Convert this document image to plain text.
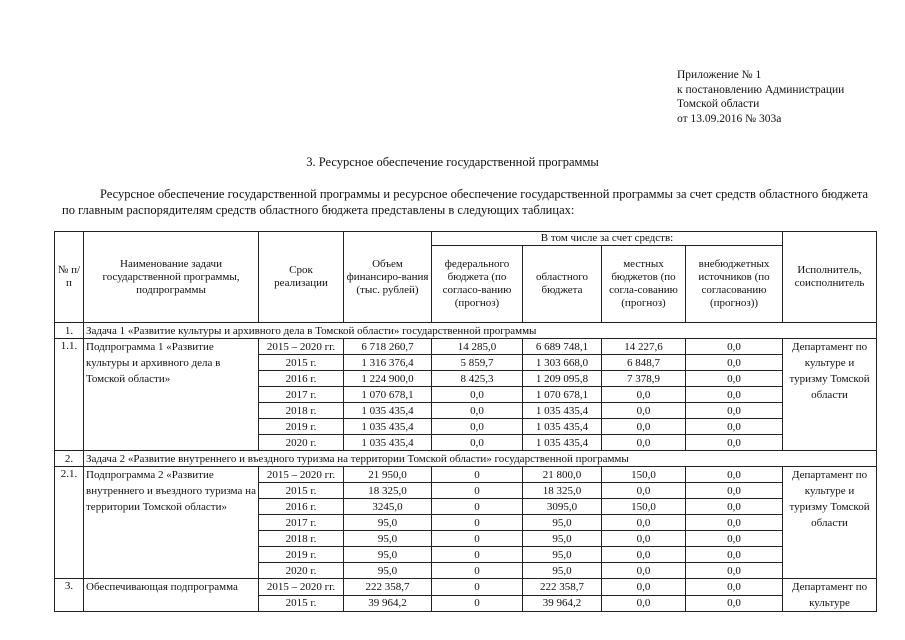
Приложение № 1
к постановлению Администрации
Томской области
от 13.09.2016 № 303а
3. Ресурсное обеспечение государственной программы

Ресурсное обеспечение государственной программы и ресурсное обеспечение государственной программы за счет средств областного бюджета по главным распорядителям средств областного бюджета представлены в следующих таблицах:

№ п/п	Наименование задачи государственной программы, подпрограммы	Срок реализации	Объем финансиро-вания (тыс. рублей)	В том числе за счет средств:				Исполнитель, соисполнитель
				федерального бюджета (по согласо-ванию (прогноз)	областного бюджета	местных бюджетов (по согла-сованию (прогноз)	внебюджетных источников (по согласованию (прогноз))	
1.	Задача 1 «Развитие культуры и архивного дела в Томской области» государственной программы							
1.1.	Подпрограмма 1 «Развитие культуры и архивного дела в Томской области»	2015 – 2020 гг.	6 718 260,7	14 285,0	6 689 748,1	14 227,6	0,0	Департамент по культуре и туризму Томской области
		2015 г.	1 316 376,4	5 859,7	1 303 668,0	6 848,7	0,0	
		2016 г.	1 224 900,0	8 425,3	1 209 095,8	7 378,9	0,0	
		2017 г.	1 070 678,1	0,0	1 070 678,1	0,0	0,0	
		2018 г.	1 035 435,4	0,0	1 035 435,4	0,0	0,0	
		2019 г.	1 035 435,4	0,0	1 035 435,4	0,0	0,0	
		2020 г.	1 035 435,4	0,0	1 035 435,4	0,0	0,0	
2.	Задача 2 «Развитие внутреннего и въездного туризма на территории Томской области» государственной программы							
2.1.	Подпрограмма 2 «Развитие внутреннего и въездного туризма на территории Томской области»	2015 – 2020 гг.	21 950,0	0	21 800,0	150,0	0,0	Департамент по культуре и туризму Томской области
		2015 г.	18 325,0	0	18 325,0	0,0	0,0	
		2016 г.	3245,0	0	3095,0	150,0	0,0	
		2017 г.	95,0	0	95,0	0,0	0,0	
		2018 г.	95,0	0	95,0	0,0	0,0	
		2019 г.	95,0	0	95,0	0,0	0,0	
		2020 г.	95,0	0	95,0	0,0	0,0	
3.	Обеспечивающая подпрограмма	2015 – 2020 гг.	222 358,7	0	222 358,7	0,0	0,0	Департамент по культуре
		2015 г.	39 964,2	0	39 964,2	0,0	0,0	
